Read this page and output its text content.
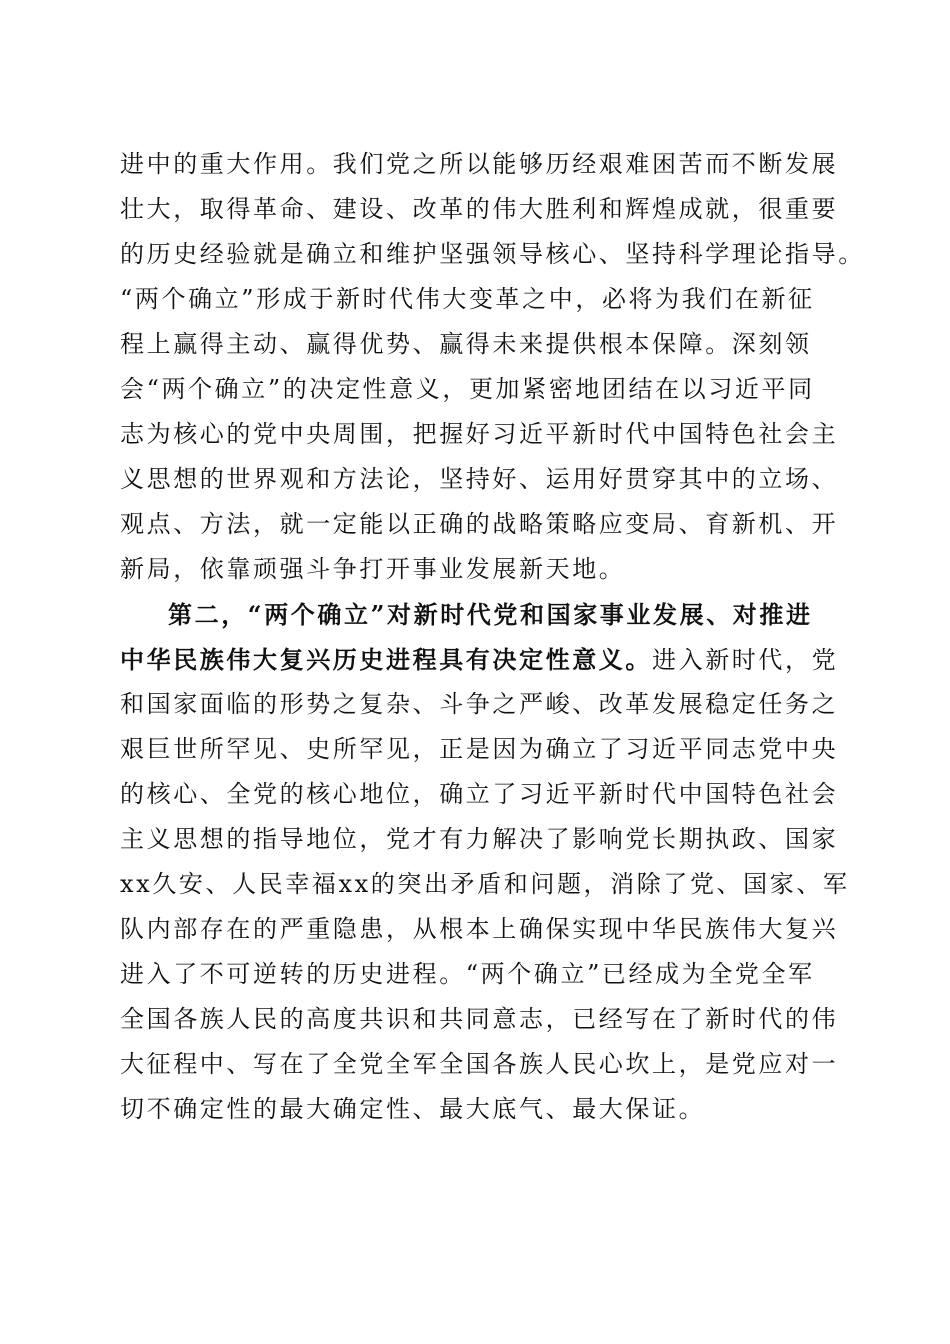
进中的重大作用。我们党之所以能够历经艰难困苦而不断发展
壮大，取得革命、建设、改革的伟大胜利和辉煌成就，很重要
的历史经验就是确立和维护坚强领导核心、坚持科学理论指导。
“两个确立”形成于新时代伟大变革之中，必将为我们在新征
程上赢得主动、赢得优势、赢得未来提供根本保障。深刻领
会“两个确立”的决定性意义，更加紧密地团结在以习近平同
志为核心的党中央周围，把握好习近平新时代中国特色社会主
义思想的世界观和方法论，坚持好、运用好贯穿其中的立场、
观点、方法，就一定能以正确的战略策略应变局、育新机、开
新局，依靠顽强斗争打开事业发展新天地。
第二，“两个确立”对新时代党和国家事业发展、对推进
中华民族伟大复兴历史进程具有决定性意义。进入新时代，党
和国家面临的形势之复杂、斗争之严峻、改革发展稳定任务之
艰巨世所罕见、史所罕见，正是因为确立了习近平同志党中央
的核心、全党的核心地位，确立了习近平新时代中国特色社会
主义思想的指导地位，党才有力解决了影响党长期执政、国家
xx久安、人民幸福xx的突出矛盾和问题，消除了党、国家、军
队内部存在的严重隐患，从根本上确保实现中华民族伟大复兴
进入了不可逆转的历史进程。“两个确立”已经成为全党全军
全国各族人民的高度共识和共同意志，已经写在了新时代的伟
大征程中、写在了全党全军全国各族人民心坎上，是党应对一
切不确定性的最大确定性、最大底气、最大保证。
